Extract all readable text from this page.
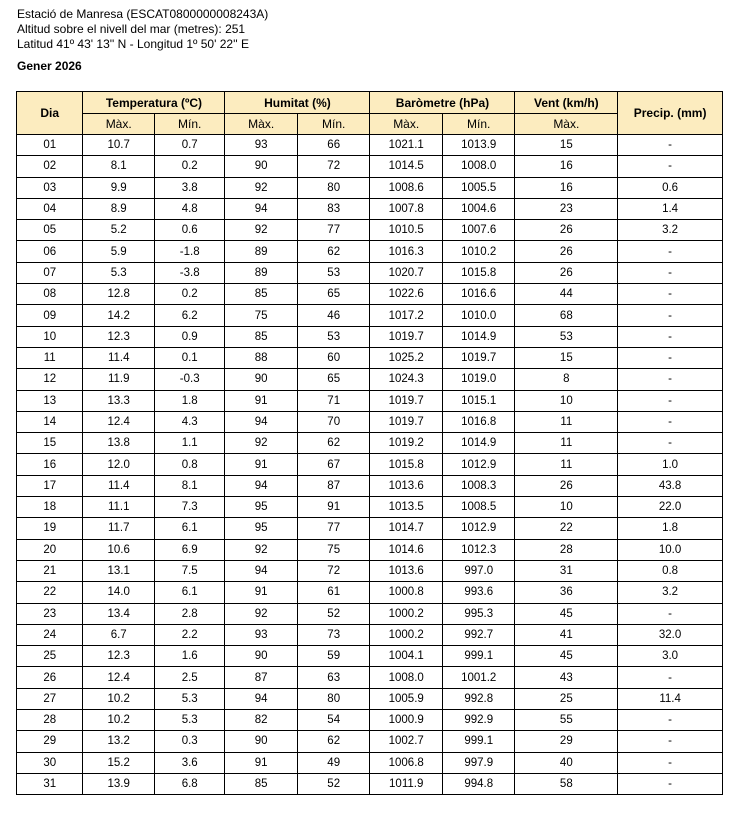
Estació de Manresa (ESCAT0800000008243A)
Altitud sobre el nivell del mar (metres): 251
Latitud 41º 43' 13'' N - Longitud 1º 50' 22'' E
Gener 2026
Dia	Temperatura (ºC)		Humitat (%)		Baròmetre (hPa)		Vent (km/h)	Precip. (mm)
	Màx.	Mín.	Màx.	Mín.	Màx.	Mín.	Màx.	
01	10.7	0.7	93	66	1021.1	1013.9	15	-
02	8.1	0.2	90	72	1014.5	1008.0	16	-
03	9.9	3.8	92	80	1008.6	1005.5	16	0.6
04	8.9	4.8	94	83	1007.8	1004.6	23	1.4
05	5.2	0.6	92	77	1010.5	1007.6	26	3.2
06	5.9	-1.8	89	62	1016.3	1010.2	26	-
07	5.3	-3.8	89	53	1020.7	1015.8	26	-
08	12.8	0.2	85	65	1022.6	1016.6	44	-
09	14.2	6.2	75	46	1017.2	1010.0	68	-
10	12.3	0.9	85	53	1019.7	1014.9	53	-
11	11.4	0.1	88	60	1025.2	1019.7	15	-
12	11.9	-0.3	90	65	1024.3	1019.0	8	-
13	13.3	1.8	91	71	1019.7	1015.1	10	-
14	12.4	4.3	94	70	1019.7	1016.8	11	-
15	13.8	1.1	92	62	1019.2	1014.9	11	-
16	12.0	0.8	91	67	1015.8	1012.9	11	1.0
17	11.4	8.1	94	87	1013.6	1008.3	26	43.8
18	11.1	7.3	95	91	1013.5	1008.5	10	22.0
19	11.7	6.1	95	77	1014.7	1012.9	22	1.8
20	10.6	6.9	92	75	1014.6	1012.3	28	10.0
21	13.1	7.5	94	72	1013.6	997.0	31	0.8
22	14.0	6.1	91	61	1000.8	993.6	36	3.2
23	13.4	2.8	92	52	1000.2	995.3	45	-
24	6.7	2.2	93	73	1000.2	992.7	41	32.0
25	12.3	1.6	90	59	1004.1	999.1	45	3.0
26	12.4	2.5	87	63	1008.0	1001.2	43	-
27	10.2	5.3	94	80	1005.9	992.8	25	11.4
28	10.2	5.3	82	54	1000.9	992.9	55	-
29	13.2	0.3	90	62	1002.7	999.1	29	-
30	15.2	3.6	91	49	1006.8	997.9	40	-
31	13.9	6.8	85	52	1011.9	994.8	58	-
